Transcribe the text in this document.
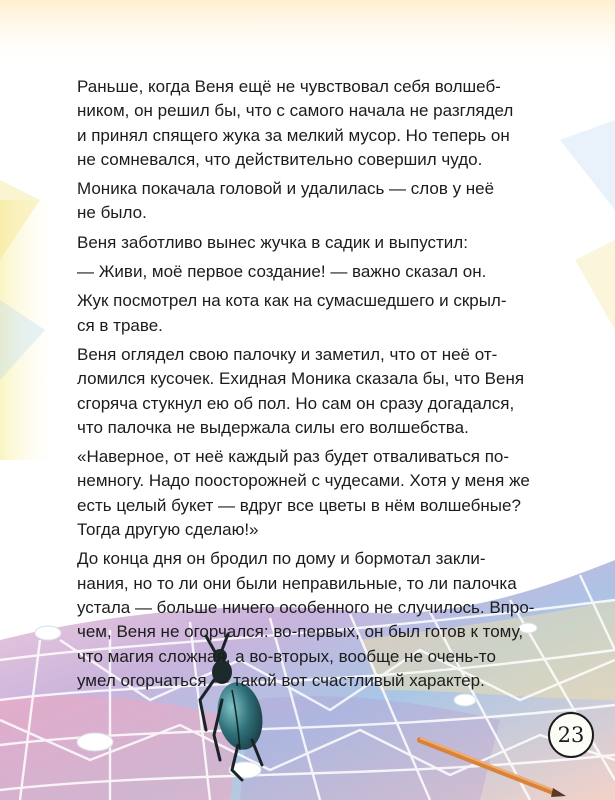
Раньше, когда Веня ещё не чувствовал себя волшеб-
ником, он решил бы, что с самого начала не разглядел
и принял спящего жука за мелкий мусор. Но теперь он
не сомневался, что действительно совершил чудо.

Моника покачала головой и удалилась — слов у неё
не было.

Веня заботливо вынес жучка в садик и выпустил:

— Живи, моё первое создание! — важно сказал он.

Жук посмотрел на кота как на сумасшедшего и скрыл-
ся в траве.

Веня оглядел свою палочку и заметил, что от неё от-
ломился кусочек. Ехидная Моника сказала бы, что Веня
сгоряча стукнул ею об пол. Но сам он сразу догадался,
что палочка не выдержала силы его волшебства.

«Наверное, от неё каждый раз будет отваливаться по-
немногу. Надо поосторожней с чудесами. Хотя у меня же
есть целый букет — вдруг все цветы в нём волшебные?
Тогда другую сделаю!»

До конца дня он бродил по дому и бормотал закли-
нания, но то ли они были неправильные, то ли палочка
устала — больше ничего особенного не случилось. Впро-
чем, Веня не огорчался: во-первых, он был готов к тому,
что магия сложная, а во-вторых, вообще не очень-то
умел огорчаться — такой вот счастливый характер.

23
